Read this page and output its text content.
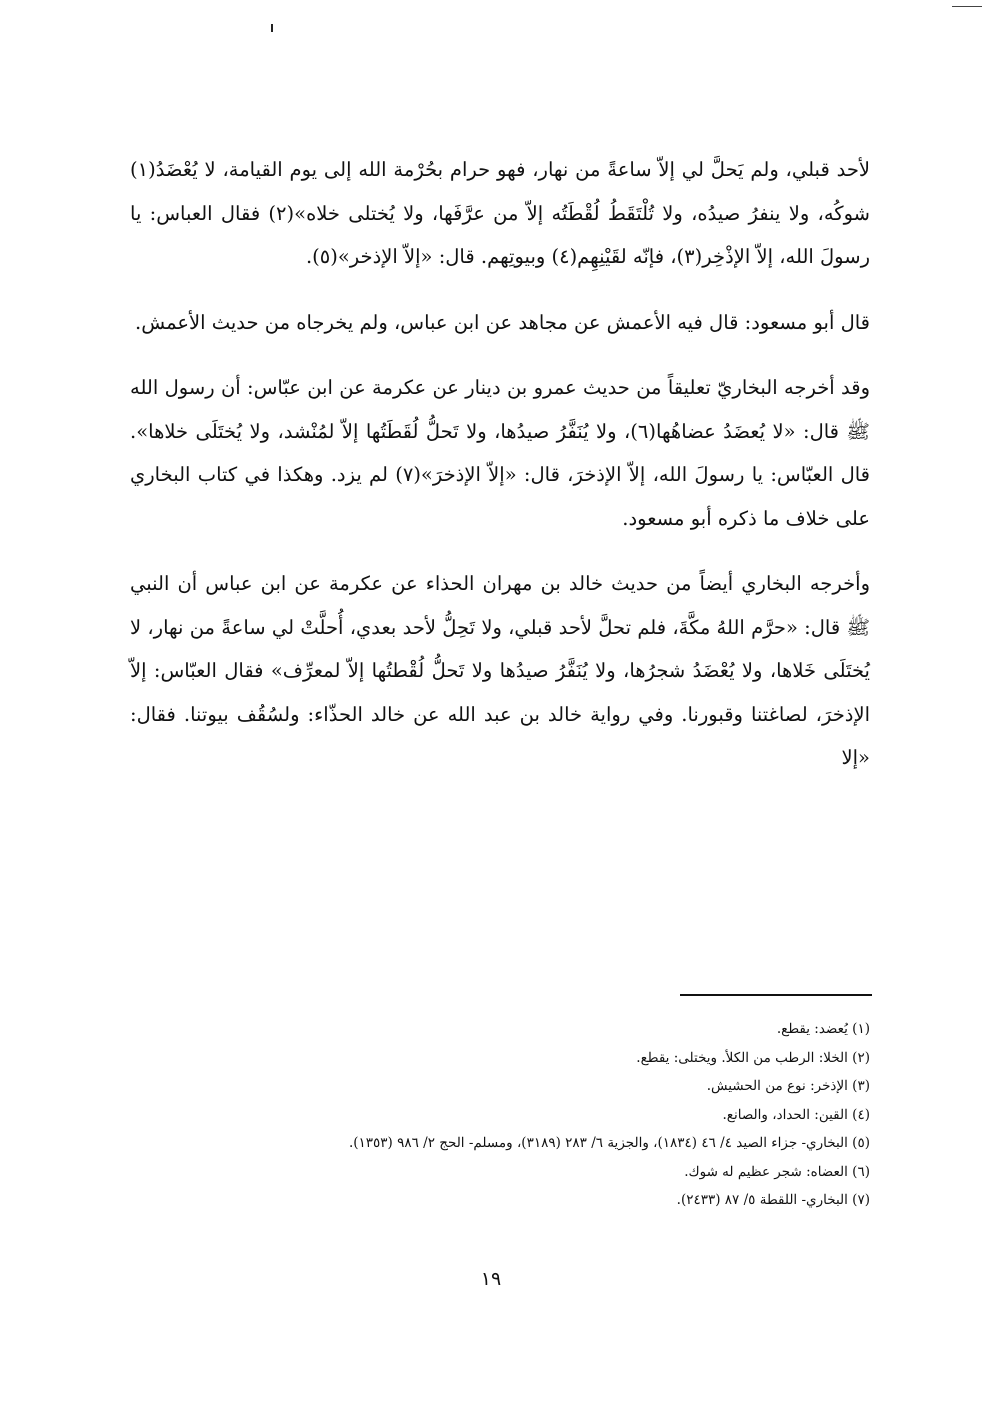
لأحد قبلي، ولم يَحلَّ لي إلاّ ساعةً من نهار، فهو حرام بحُرْمة الله إلى يوم القيامة، لا يُعْضَدُ(١) شوكُه، ولا ينفرُ صيدُه، ولا تُلْتَقَطُ لُقْطَتُه إلاّ من عرَّفَها، ولا يُختلى خلاه»(٢) فقال العباس: يا رسولَ الله، إلاّ الإذْخِر(٣)، فإنّه لقَيْنِهِم(٤) وبيوتِهم. قال: «إلاّ الإذخر»(٥).

قال أبو مسعود: قال فيه الأعمش عن مجاهد عن ابن عباس، ولم يخرجاه من حديث الأعمش.

وقد أخرجه البخاريّ تعليقاً من حديث عمرو بن دينار عن عكرمة عن ابن عبّاس: أن رسول الله ﷺ قال: «لا يُعضَدُ عضاهُها(٦)، ولا يُنَفَّرُ صيدُها، ولا تَحلُّ لُقَطَتُها إلاّ لمُنْشد، ولا يُختَلَى خلاها». قال العبّاس: يا رسولَ الله، إلاّ الإذخرَ، قال: «إلاّ الإذخرَ»(٧) لم يزد. وهكذا في كتاب البخاري على خلاف ما ذكره أبو مسعود.

وأخرجه البخاري أيضاً من حديث خالد بن مهران الحذاء عن عكرمة عن ابن عباس أن النبي ﷺ قال: «حرَّم اللهُ مكَّةَ، فلم تحلَّ لأحد قبلي، ولا تَحِلُّ لأحد بعدي، أُحلَّتْ لي ساعةً من نهار، لا يُختَلَى خَلاها، ولا يُعْضَدُ شجرُها، ولا يُنَفَّرُ صيدُها ولا تَحلُّ لُقْطتُها إلاّ لمعرِّف» فقال العبّاس: إلاّ الإذخرَ، لصاغتنا وقبورنا. وفي رواية خالد بن عبد الله عن خالد الحذّاء: ولسُقُف بيوتنا. فقال: «إلا

(١) يُعضد: يقطع.
(٢) الخلا: الرطب من الكلأ. ويختلى: يقطع.
(٣) الإذخر: نوع من الحشيش.
(٤) القين: الحداد، والصانع.
(٥) البخاري- جزاء الصيد ٤/ ٤٦ (١٨٣٤)، والجزية ٦/ ٢٨٣ (٣١٨٩)، ومسلم- الحج ٢/ ٩٨٦ (١٣٥٣).
(٦) العضاه: شجر عظيم له شوك.
(٧) البخاري- اللقطة ٥/ ٨٧ (٢٤٣٣).
١٩
